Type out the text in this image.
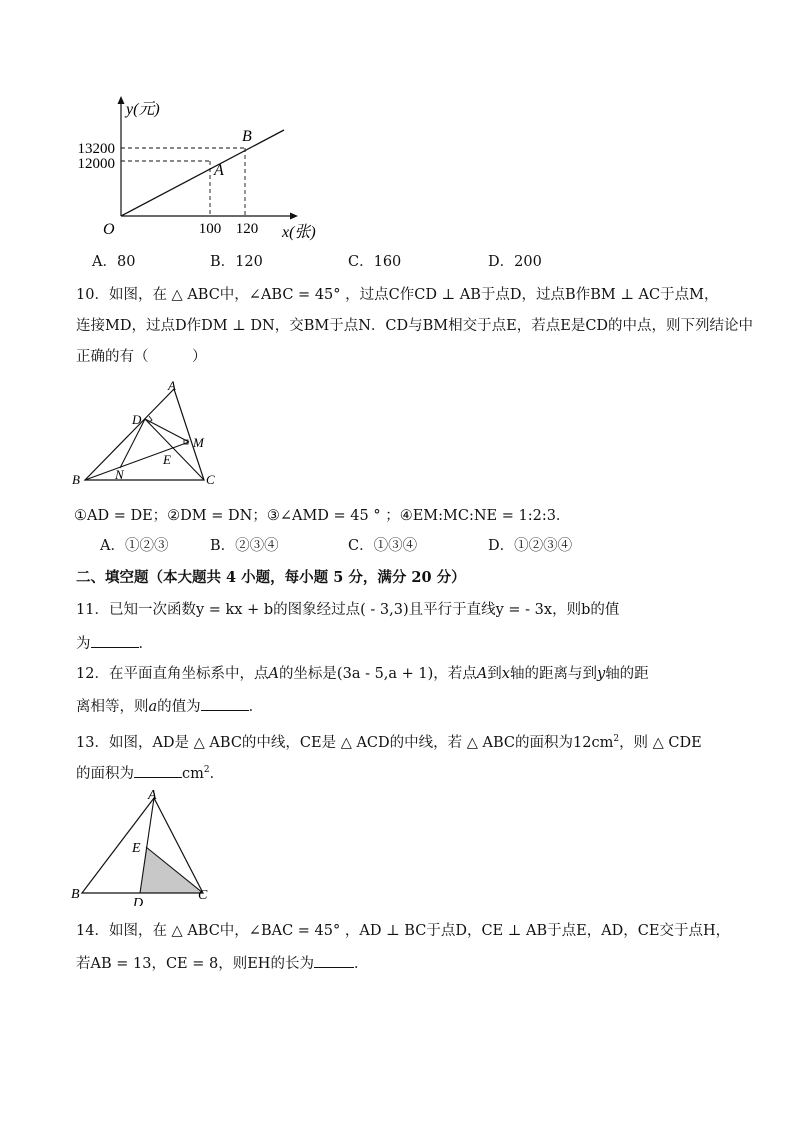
y(元)
13200
12000
B
A
O	100 120 x(张)
A．80	B．120	C．160	D．200
10．如图，在 △ ABC中，∠ABC = 45° ，过点C作CD ⊥ AB于点D，过点B作BM ⊥ AC于点M，
连接MD，过点D作DM ⊥ DN，交BM于点N．CD与BM相交于点E，若点E是CD的中点，则下列结论中
正确的有（　　　）
A
D
M
E
N
B	C
①AD = DE；②DM = DN；③∠AMD = 45 ° ；④EM:MC:NE = 1:2:3．
A．①②③	B．②③④	C．①③④	D．①②③④
二、填空题（本大题共 4 小题，每小题 5 分，满分 20 分）
11．已知一次函数y = kx + b的图象经过点( - 3,3)且平行于直线y = - 3x，则b的值
为	．
12．在平面直角坐标系中，点A的坐标是(3a - 5,a + 1)，若点A到x轴的距离与到y轴的距
离相等，则a的值为	．
13．如图，AD是 △ ABC的中线，CE是 △ ACD的中线，若 △ ABC的面积为$12cm^2$，则 △ CDE
的面积为	$cm^2$．
A
E
B	C
D
14．如图，在 △ ABC中，∠BAC = 45° ，AD ⊥ BC于点D，CE ⊥ AB于点E，AD，CE交于点H，
若AB = 13，CE = 8，则EH的长为	．
